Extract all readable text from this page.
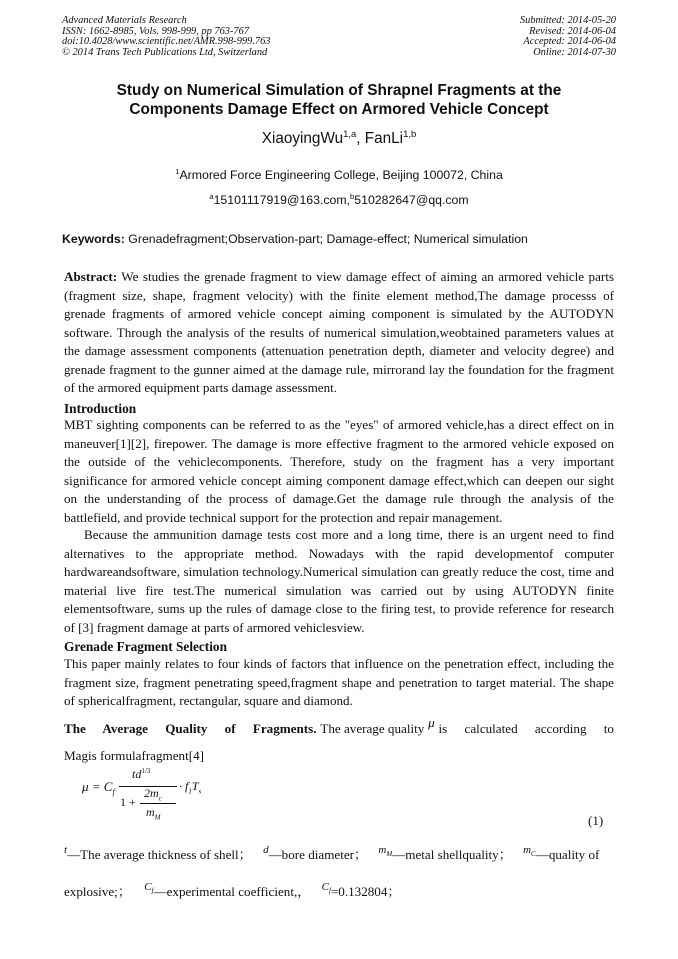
Advanced Materials Research
ISSN: 1662-8985, Vols. 998-999, pp 763-767
doi:10.4028/www.scientific.net/AMR.998-999.763
© 2014 Trans Tech Publications Ltd, Switzerland
Submitted: 2014-05-20
Revised: 2014-06-04
Accepted: 2014-06-04
Online: 2014-07-30
Study on Numerical Simulation of Shrapnel Fragments at the
Components Damage Effect on Armored Vehicle Concept
XiaoyingWu$^{1,a}$, FanLi$^{1,b}$
$^1$Armored Force Engineering College, Beijing 100072, China
$^a$15101117919@163.com,$^b$510282647@qq.com
Keywords: Grenadefragment;Observation-part; Damage-effect; Numerical simulation
Abstract: We studies the grenade fragment to view damage effect of aiming an armored vehicle parts (fragment size, shape, fragment velocity) with the finite element method,The damage processs of grenade fragments of armored vehicle concept aiming component is simulated by the AUTODYN software. Through the analysis of the results of numerical simulation,weobtained parameters values at the damage assessment components (attenuation penetration depth, diameter and velocity degree) and grenade fragment to the gunner aimed at the damage rule, mirrorand lay the foundation for the fragment of the armored equipment parts damage assessment.
Introduction
MBT sighting components can be referred to as the "eyes" of armored vehicle,has a direct effect on in maneuver[1][2], firepower. The damage is more effective fragment to the armored vehicle exposed on the outside of the vehiclecomponents. Therefore, study on the fragment has a very important significance for armored vehicle concept aiming component damage effect,which can deepen our sight on the understanding of the process of damage.Get the damage rule through the analysis of the battlefield, and provide technical support for the protection and repair management.
Because the ammunition damage tests cost more and a long time, there is an urgent need to find alternatives to the appropriate method. Nowadays with the rapid developmentof computer hardwareandsoftware, simulation technology.Numerical simulation can greatly reduce the cost, time and material live fire test.The numerical simulation was carried out by using AUTODYN finite elementsoftware, sums up the rules of damage close to the firing test, to provide reference for research of [3] fragment damage at parts of armored vehiclesview.
Grenade Fragment Selection
This paper mainly relates to four kinds of factors that influence on the penetration effect, including the fragment size, fragment penetrating speed,fragment shape and penetration to target material. The shape of sphericalfragment, rectangular, square and diamond.
The Average Quality of Fragments. The average quality μ is calculated according to
Magis formulafragment[4]
$\mu = C_f$
$td^{1/3}$
1 +
$2m_c$
$m_M$
· $f_1T_s$
(1)
$^t$—The average thickness of shell； $^d$—bore diameter； $^{m_M}$—metal shellquality； $^{m_C}$—quality of
explosive;； $^{C_f}$—experimental coefficient,， $^{C_f}$=0.132804；
